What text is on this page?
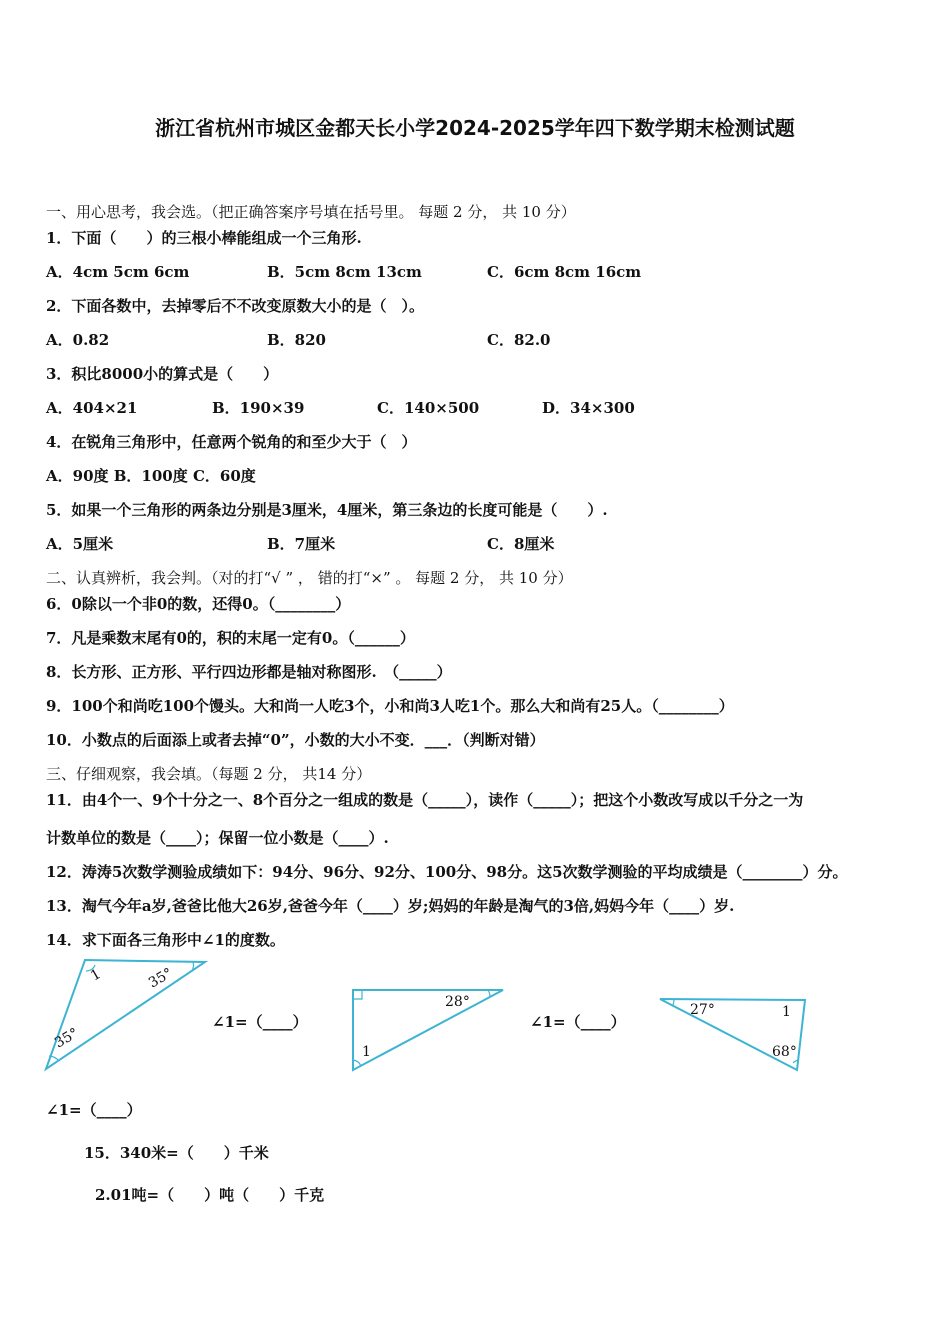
浙江省杭州市城区金都天长小学2024-2025学年四下数学期末检测试题
一、用心思考，我会选。（把正确答案序号填在括号里。 每题 2 分， 共 10 分）
1．下面（　　）的三根小棒能组成一个三角形.
A．4cm 5cm 6cm	B．5cm 8cm 13cm	C．6cm 8cm 16cm
2．下面各数中，去掉零后不不改变原数大小的是（　）。
A．0.82	B．820	C．82.0
3．积比8000小的算式是（　　）
A．404×21	B．190×39	C．140×500	D．34×300
4．在锐角三角形中，任意两个锐角的和至少大于（　）
A．90度 B．100度 C．60度
5．如果一个三角形的两条边分别是3厘米，4厘米，第三条边的长度可能是（　　）.
A．5厘米	B．7厘米	C．8厘米
二、认真辨析，我会判。（对的打“√ ” ， 错的打“×” 。 每题 2 分， 共 10 分）
6．0除以一个非0的数，还得0。（________）
7．凡是乘数末尾有0的，积的末尾一定有0。（______）
8．长方形、正方形、平行四边形都是轴对称图形.　（_____）
9．100个和尚吃100个馒头。大和尚一人吃3个，小和尚3人吃1个。那么大和尚有25人。（________）
10．小数点的后面添上或者去掉“0”，小数的大小不变．___．（判断对错）
三、仔细观察，我会填。（每题 2 分， 共14 分）
11．由4个一、9个十分之一、8个百分之一组成的数是（_____），读作（_____）；把这个小数改写成以千分之一为
计数单位的数是（____）；保留一位小数是（____）.
12．涛涛5次数学测验成绩如下：94分、96分、92分、100分、98分。这5次数学测验的平均成绩是（________）分。
13．淘气今年a岁,爸爸比他大26岁,爸爸今年（____）岁;妈妈的年龄是淘气的3倍,妈妈今年（____）岁.
14．求下面各三角形中∠1的度数。
1	35°
35°
∠1=（____）
28°
1
∠1=（____）
27°	1
68°
∠1=（____）
15．340米=（　　）千米
2.01吨=（　　）吨（　　）千克
